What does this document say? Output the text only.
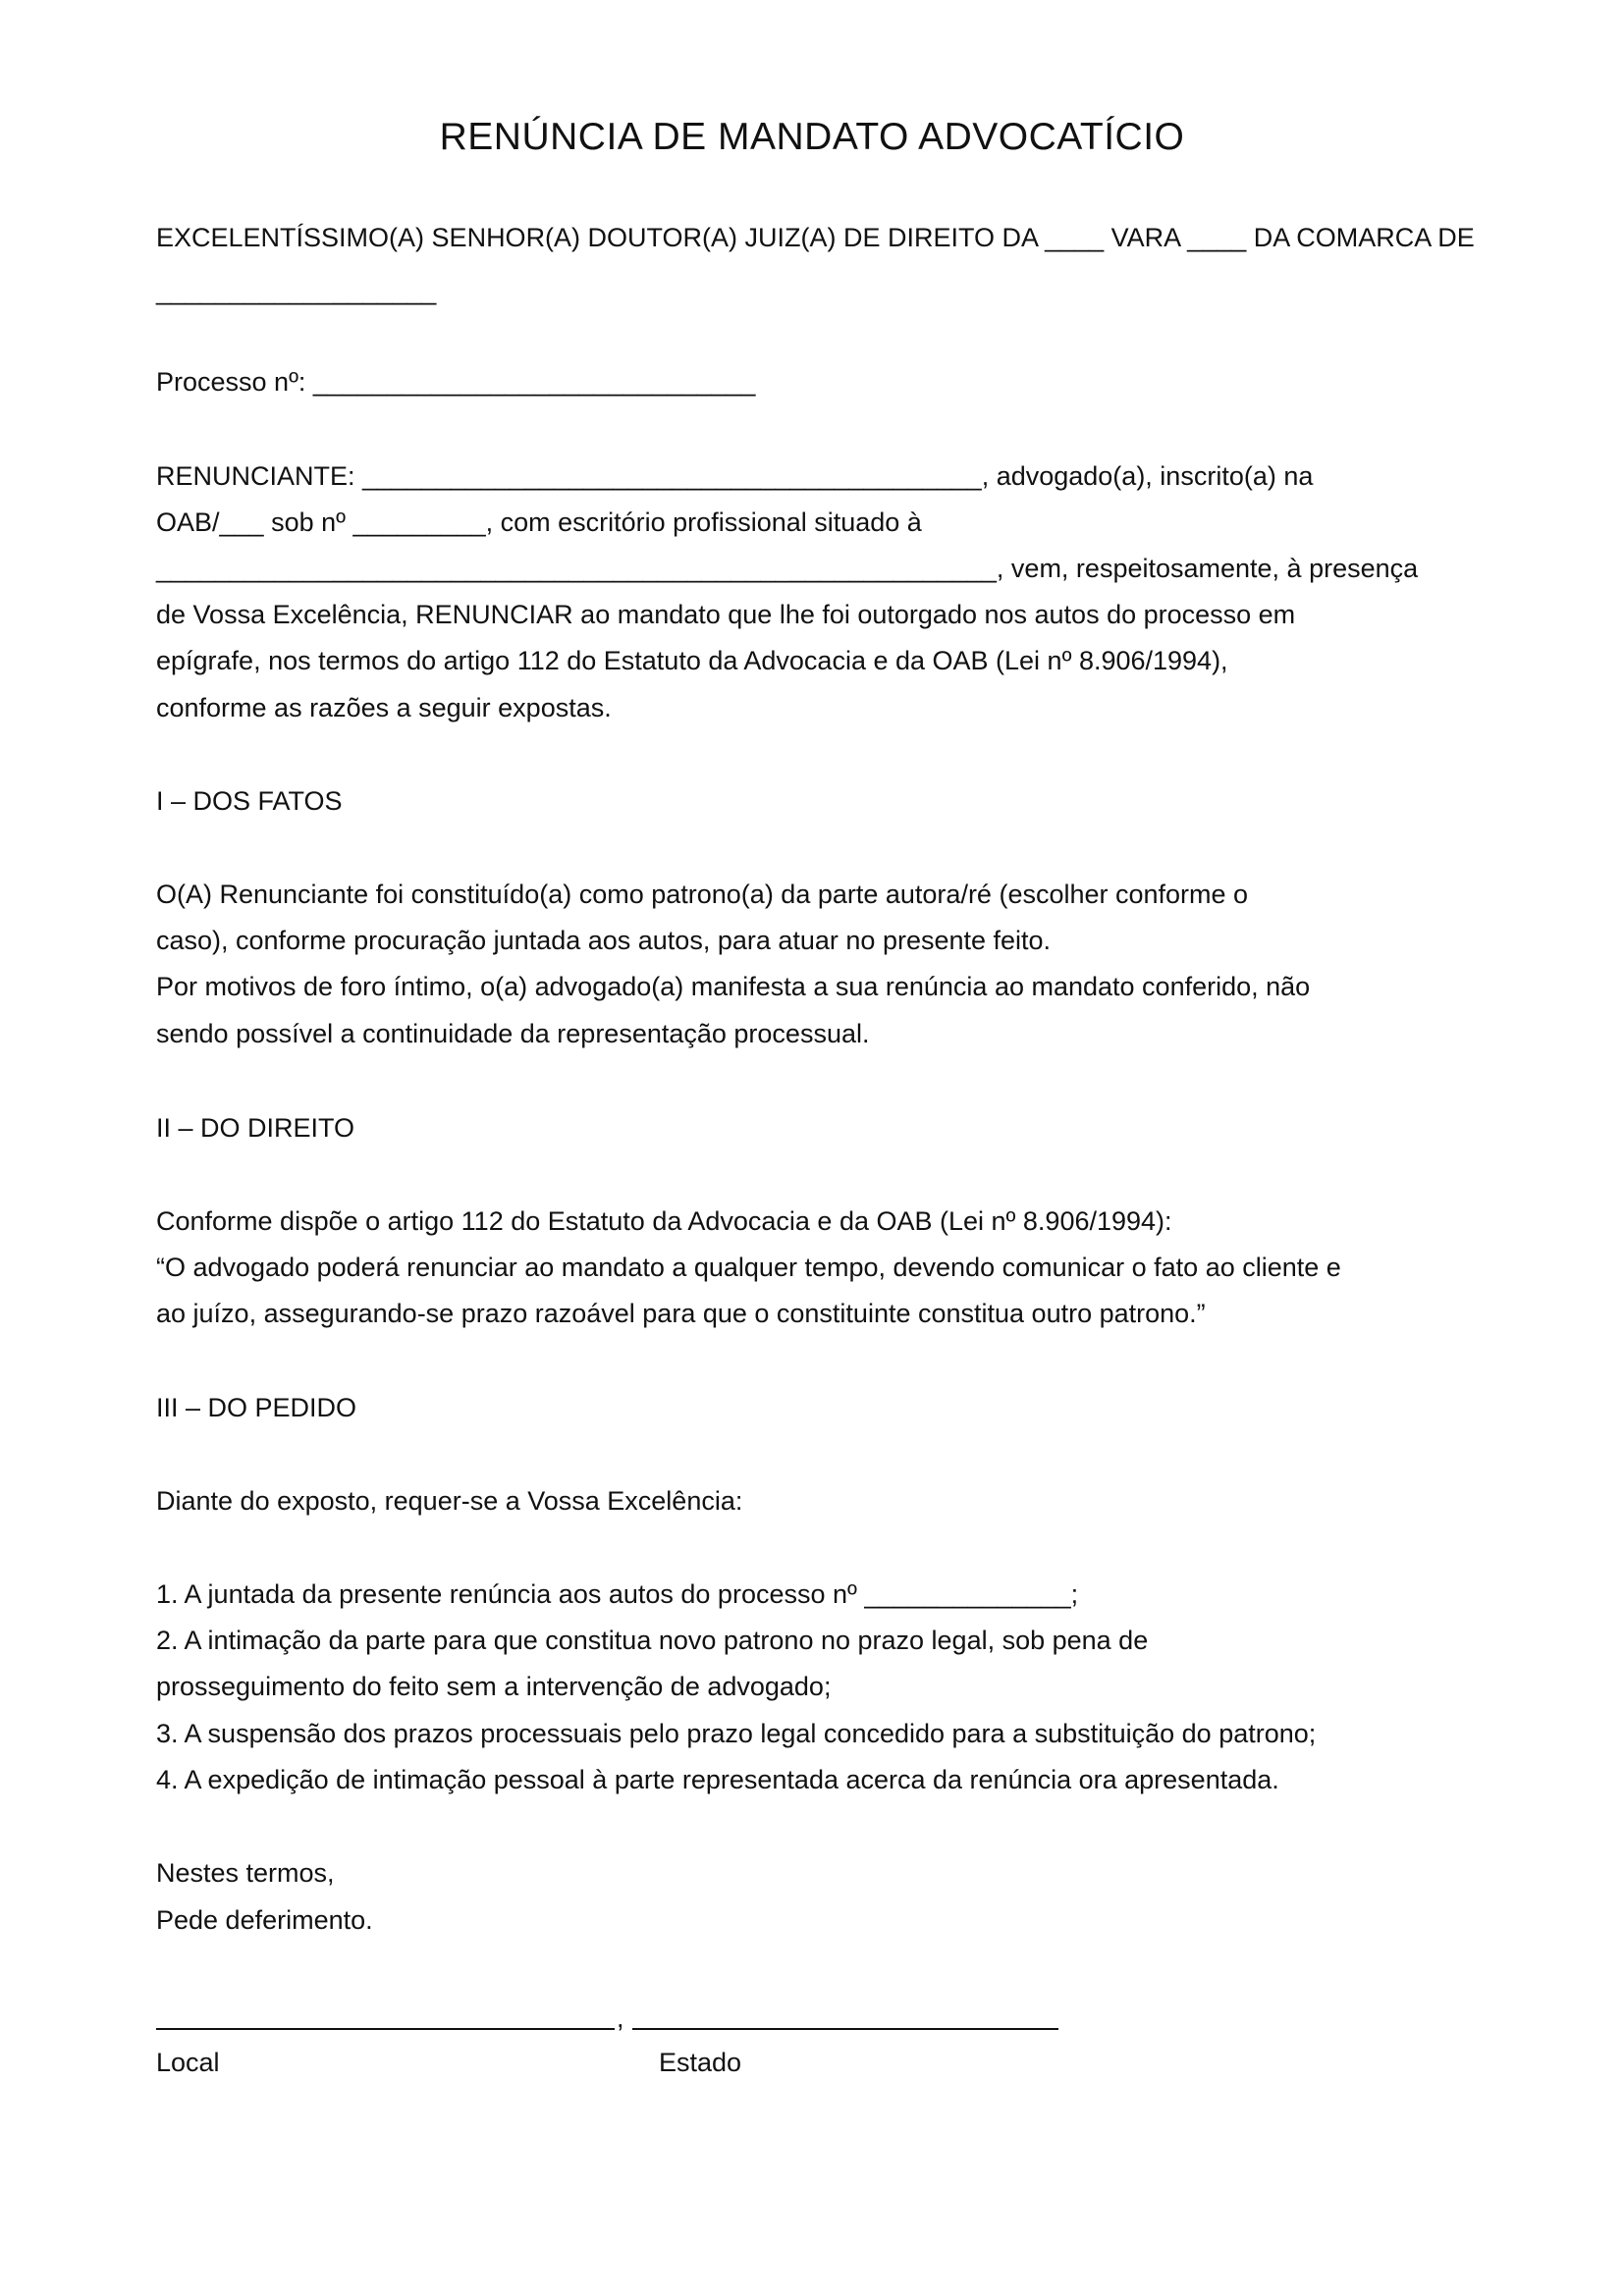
RENÚNCIA DE MANDATO ADVOCATÍCIO
EXCELENTÍSSIMO(A) SENHOR(A) DOUTOR(A) JUIZ(A) DE DIREITO DA ____ VARA ____ DA COMARCA DE
___________________
Processo nº: ______________________________
RENUNCIANTE: __________________________________________, advogado(a), inscrito(a) na
OAB/___ sob nº _________, com escritório profissional situado à
_________________________________________________________, vem, respeitosamente, à presença
de Vossa Excelência, RENUNCIAR ao mandato que lhe foi outorgado nos autos do processo em
epígrafe, nos termos do artigo 112 do Estatuto da Advocacia e da OAB (Lei nº 8.906/1994),
conforme as razões a seguir expostas.
I – DOS FATOS
O(A) Renunciante foi constituído(a) como patrono(a) da parte autora/ré (escolher conforme o
caso), conforme procuração juntada aos autos, para atuar no presente feito.
Por motivos de foro íntimo, o(a) advogado(a) manifesta a sua renúncia ao mandato conferido, não
sendo possível a continuidade da representação processual.
II – DO DIREITO
Conforme dispõe o artigo 112 do Estatuto da Advocacia e da OAB (Lei nº 8.906/1994):
“O advogado poderá renunciar ao mandato a qualquer tempo, devendo comunicar o fato ao cliente e
ao juízo, assegurando-se prazo razoável para que o constituinte constitua outro patrono.”
III – DO PEDIDO
Diante do exposto, requer-se a Vossa Excelência:
1. A juntada da presente renúncia aos autos do processo nº ______________;
2. A intimação da parte para que constitua novo patrono no prazo legal, sob pena de
prosseguimento do feito sem a intervenção de advogado;
3. A suspensão dos prazos processuais pelo prazo legal concedido para a substituição do patrono;
4. A expedição de intimação pessoal à parte representada acerca da renúncia ora apresentada.
Nestes termos,
Pede deferimento.
,
Local	Estado
